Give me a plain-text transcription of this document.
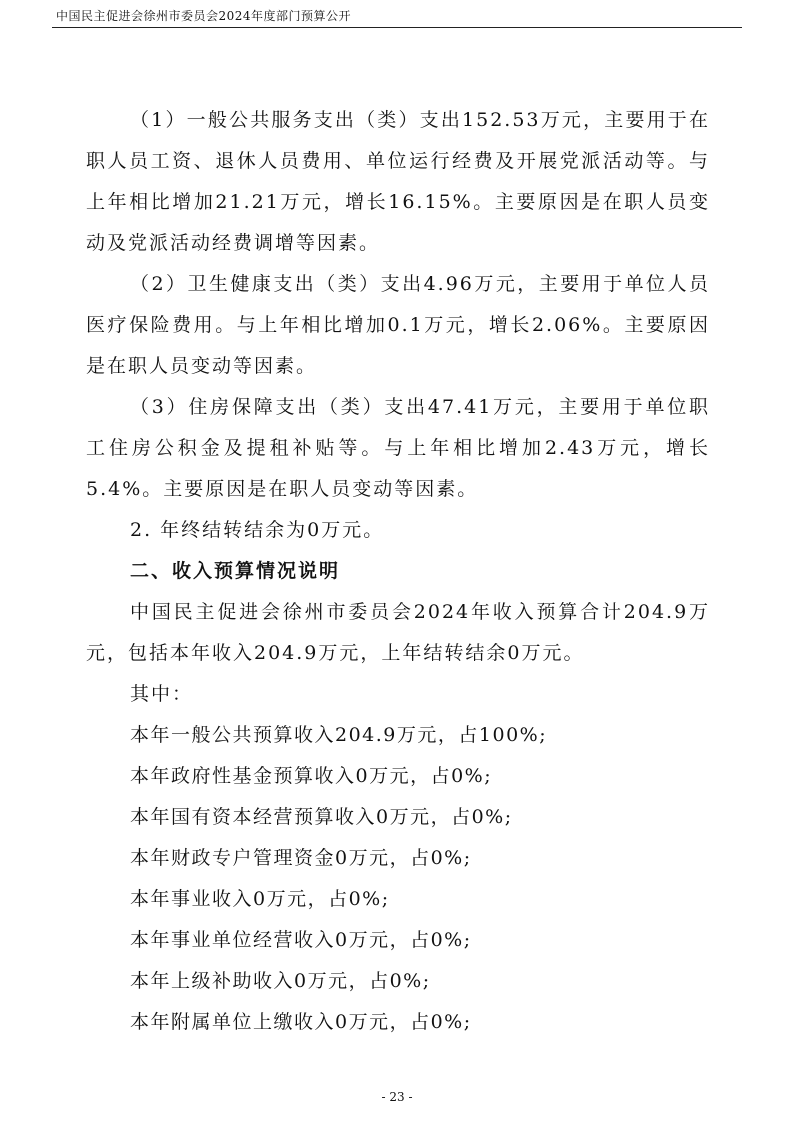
中国民主促进会徐州市委员会2024年度部门预算公开

（1）一般公共服务支出（类）支出152.53万元，主要用于在职人员工资、退休人员费用、单位运行经费及开展党派活动等。与上年相比增加21.21万元，增长16.15%。主要原因是在职人员变动及党派活动经费调增等因素。

（2）卫生健康支出（类）支出4.96万元，主要用于单位人员医疗保险费用。与上年相比增加0.1万元，增长2.06%。主要原因是在职人员变动等因素。

（3）住房保障支出（类）支出47.41万元，主要用于单位职工住房公积金及提租补贴等。与上年相比增加2.43万元，增长5.4%。主要原因是在职人员变动等因素。

2. 年终结转结余为0万元。

二、收入预算情况说明

中国民主促进会徐州市委员会2024年收入预算合计204.9万元，包括本年收入204.9万元，上年结转结余0万元。

其中：

本年一般公共预算收入204.9万元，占100%;

本年政府性基金预算收入0万元，占0%;

本年国有资本经营预算收入0万元，占0%;

本年财政专户管理资金0万元，占0%;

本年事业收入0万元，占0%;

本年事业单位经营收入0万元，占0%;

本年上级补助收入0万元，占0%;

本年附属单位上缴收入0万元，占0%;

- 23 -
